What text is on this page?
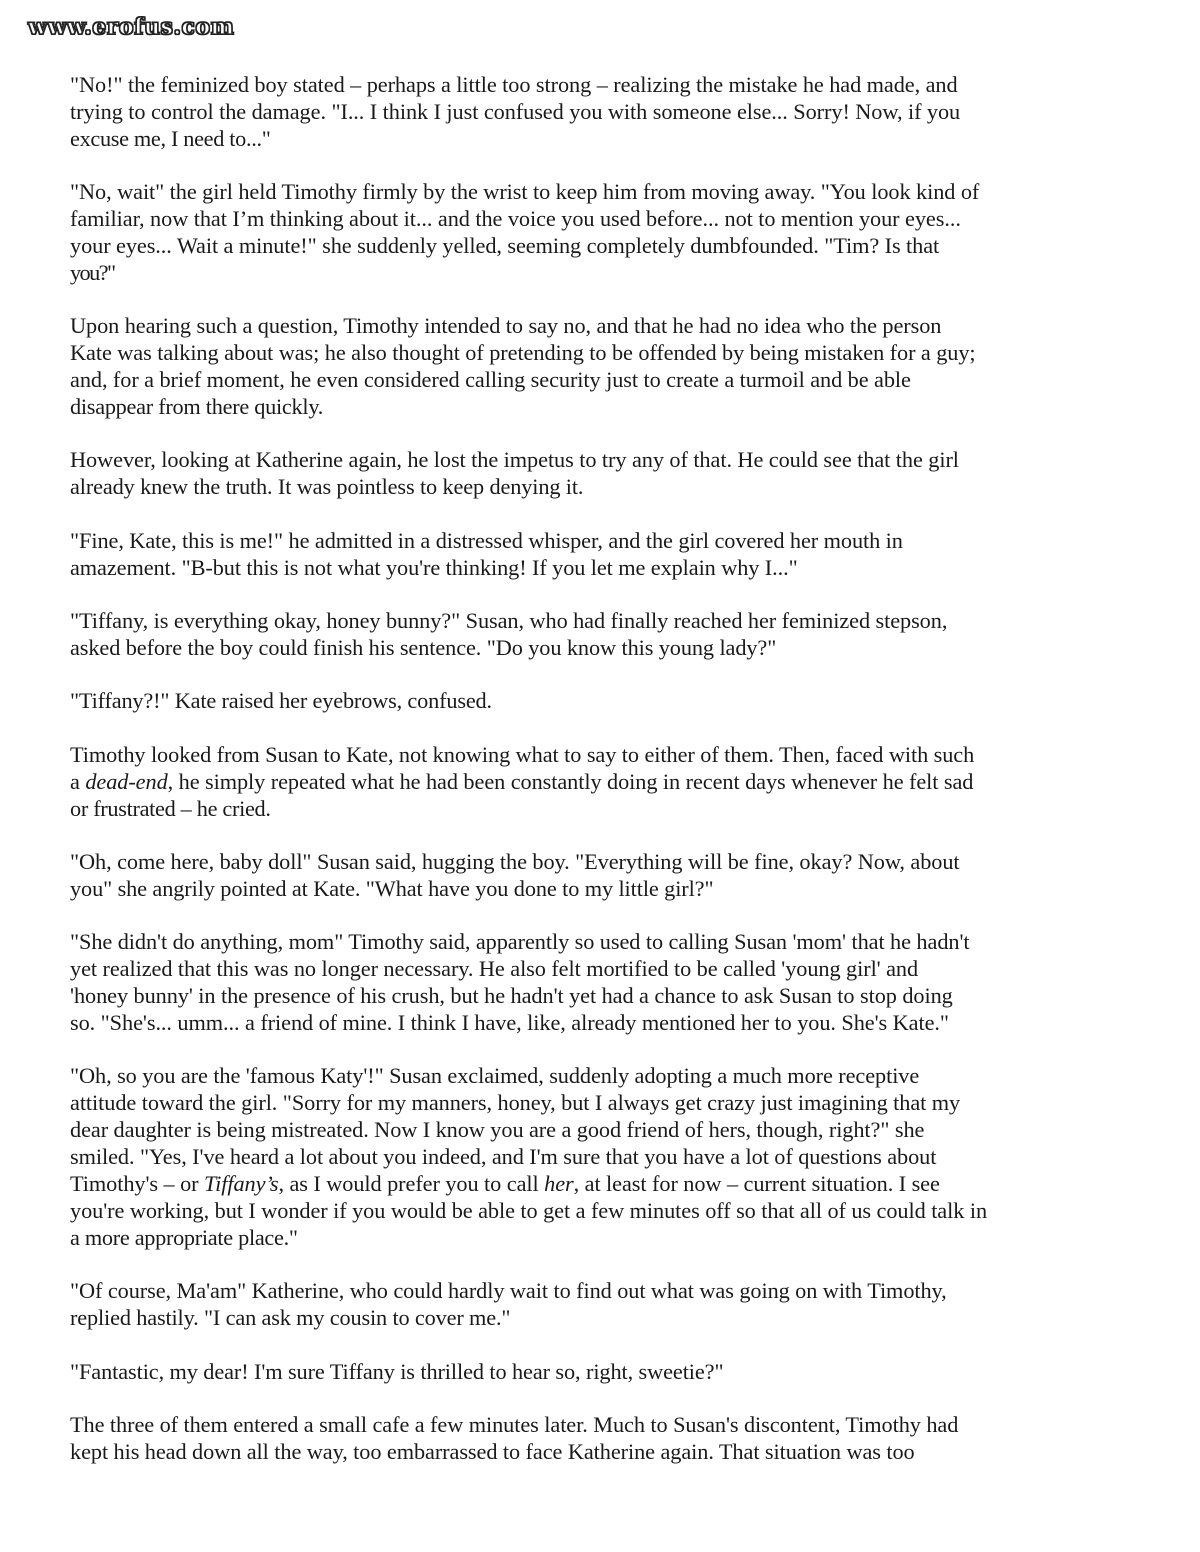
www.erofus.com

"No!" the feminized boy stated – perhaps a little too strong – realizing the mistake he had made, and
trying to control the damage. "I... I think I just confused you with someone else... Sorry! Now, if you
excuse me, I need to..."

"No, wait" the girl held Timothy firmly by the wrist to keep him from moving away. "You look kind of
familiar, now that I’m thinking about it... and the voice you used before... not to mention your eyes...
your eyes... Wait a minute!" she suddenly yelled, seeming completely dumbfounded. "Tim? Is that
you?"

Upon hearing such a question, Timothy intended to say no, and that he had no idea who the person
Kate was talking about was; he also thought of pretending to be offended by being mistaken for a guy;
and, for a brief moment, he even considered calling security just to create a turmoil and be able
disappear from there quickly.

However, looking at Katherine again, he lost the impetus to try any of that. He could see that the girl
already knew the truth. It was pointless to keep denying it.

"Fine, Kate, this is me!" he admitted in a distressed whisper, and the girl covered her mouth in
amazement. "B-but this is not what you're thinking! If you let me explain why I..."

"Tiffany, is everything okay, honey bunny?" Susan, who had finally reached her feminized stepson,
asked before the boy could finish his sentence. "Do you know this young lady?"

"Tiffany?!" Kate raised her eyebrows, confused.

Timothy looked from Susan to Kate, not knowing what to say to either of them. Then, faced with such
a dead-end, he simply repeated what he had been constantly doing in recent days whenever he felt sad
or frustrated – he cried.

"Oh, come here, baby doll" Susan said, hugging the boy. "Everything will be fine, okay? Now, about
you" she angrily pointed at Kate. "What have you done to my little girl?"

"She didn't do anything, mom" Timothy said, apparently so used to calling Susan 'mom' that he hadn't
yet realized that this was no longer necessary. He also felt mortified to be called 'young girl' and
'honey bunny' in the presence of his crush, but he hadn't yet had a chance to ask Susan to stop doing
so. "She's... umm... a friend of mine. I think I have, like, already mentioned her to you. She's Kate."

"Oh, so you are the 'famous Katy'!" Susan exclaimed, suddenly adopting a much more receptive
attitude toward the girl. "Sorry for my manners, honey, but I always get crazy just imagining that my
dear daughter is being mistreated. Now I know you are a good friend of hers, though, right?" she
smiled. "Yes, I've heard a lot about you indeed, and I'm sure that you have a lot of questions about
Timothy's – or Tiffany’s, as I would prefer you to call her, at least for now – current situation. I see
you're working, but I wonder if you would be able to get a few minutes off so that all of us could talk in
a more appropriate place."

"Of course, Ma'am" Katherine, who could hardly wait to find out what was going on with Timothy,
replied hastily. "I can ask my cousin to cover me."

"Fantastic, my dear! I'm sure Tiffany is thrilled to hear so, right, sweetie?"

The three of them entered a small cafe a few minutes later. Much to Susan's discontent, Timothy had
kept his head down all the way, too embarrassed to face Katherine again. That situation was too
